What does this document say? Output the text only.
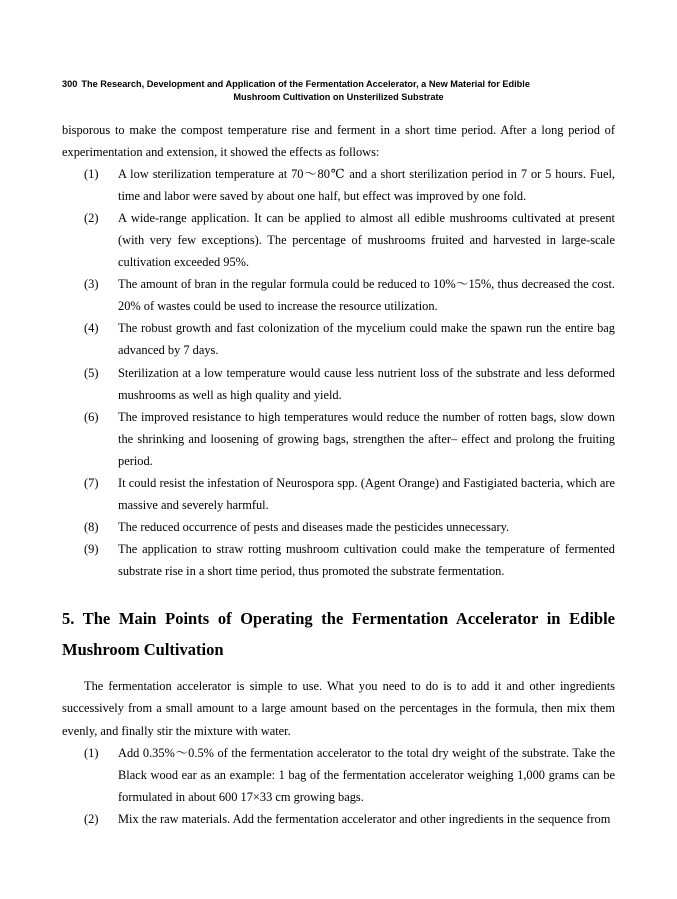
300 The Research, Development and Application of the Fermentation Accelerator, a New Material for Edible
Mushroom Cultivation on Unsterilized Substrate

bisporous to make the compost temperature rise and ferment in a short time period. After a long period of experimentation and extension, it showed the effects as follows:

(1)	A low sterilization temperature at 70～80℃ and a short sterilization period in 7 or 5 hours. Fuel, time and labor were saved by about one half, but effect was improved by one fold.
(2)	A wide-range application. It can be applied to almost all edible mushrooms cultivated at present (with very few exceptions). The percentage of mushrooms fruited and harvested in large-scale cultivation exceeded 95%.
(3)	The amount of bran in the regular formula could be reduced to 10%～15%, thus decreased the cost. 20% of wastes could be used to increase the resource utilization.
(4)	The robust growth and fast colonization of the mycelium could make the spawn run the entire bag advanced by 7 days.
(5)	Sterilization at a low temperature would cause less nutrient loss of the substrate and less deformed mushrooms as well as high quality and yield.
(6)	The improved resistance to high temperatures would reduce the number of rotten bags, slow down the shrinking and loosening of growing bags, strengthen the after– effect and prolong the fruiting period.
(7)	It could resist the infestation of Neurospora spp. (Agent Orange) and Fastigiated bacteria, which are massive and severely harmful.
(8)	The reduced occurrence of pests and diseases made the pesticides unnecessary.
(9)	The application to straw rotting mushroom cultivation could make the temperature of fermented substrate rise in a short time period, thus promoted the substrate fermentation.
5. The Main Points of Operating the Fermentation Accelerator in Edible Mushroom Cultivation

The fermentation accelerator is simple to use. What you need to do is to add it and other ingredients successively from a small amount to a large amount based on the percentages in the formula, then mix them evenly, and finally stir the mixture with water.

(1)	Add 0.35%～0.5% of the fermentation accelerator to the total dry weight of the substrate. Take the Black wood ear as an example: 1 bag of the fermentation accelerator weighing 1,000 grams can be formulated in about 600 17×33 cm growing bags.
(2)	Mix the raw materials. Add the fermentation accelerator and other ingredients in the sequence from
